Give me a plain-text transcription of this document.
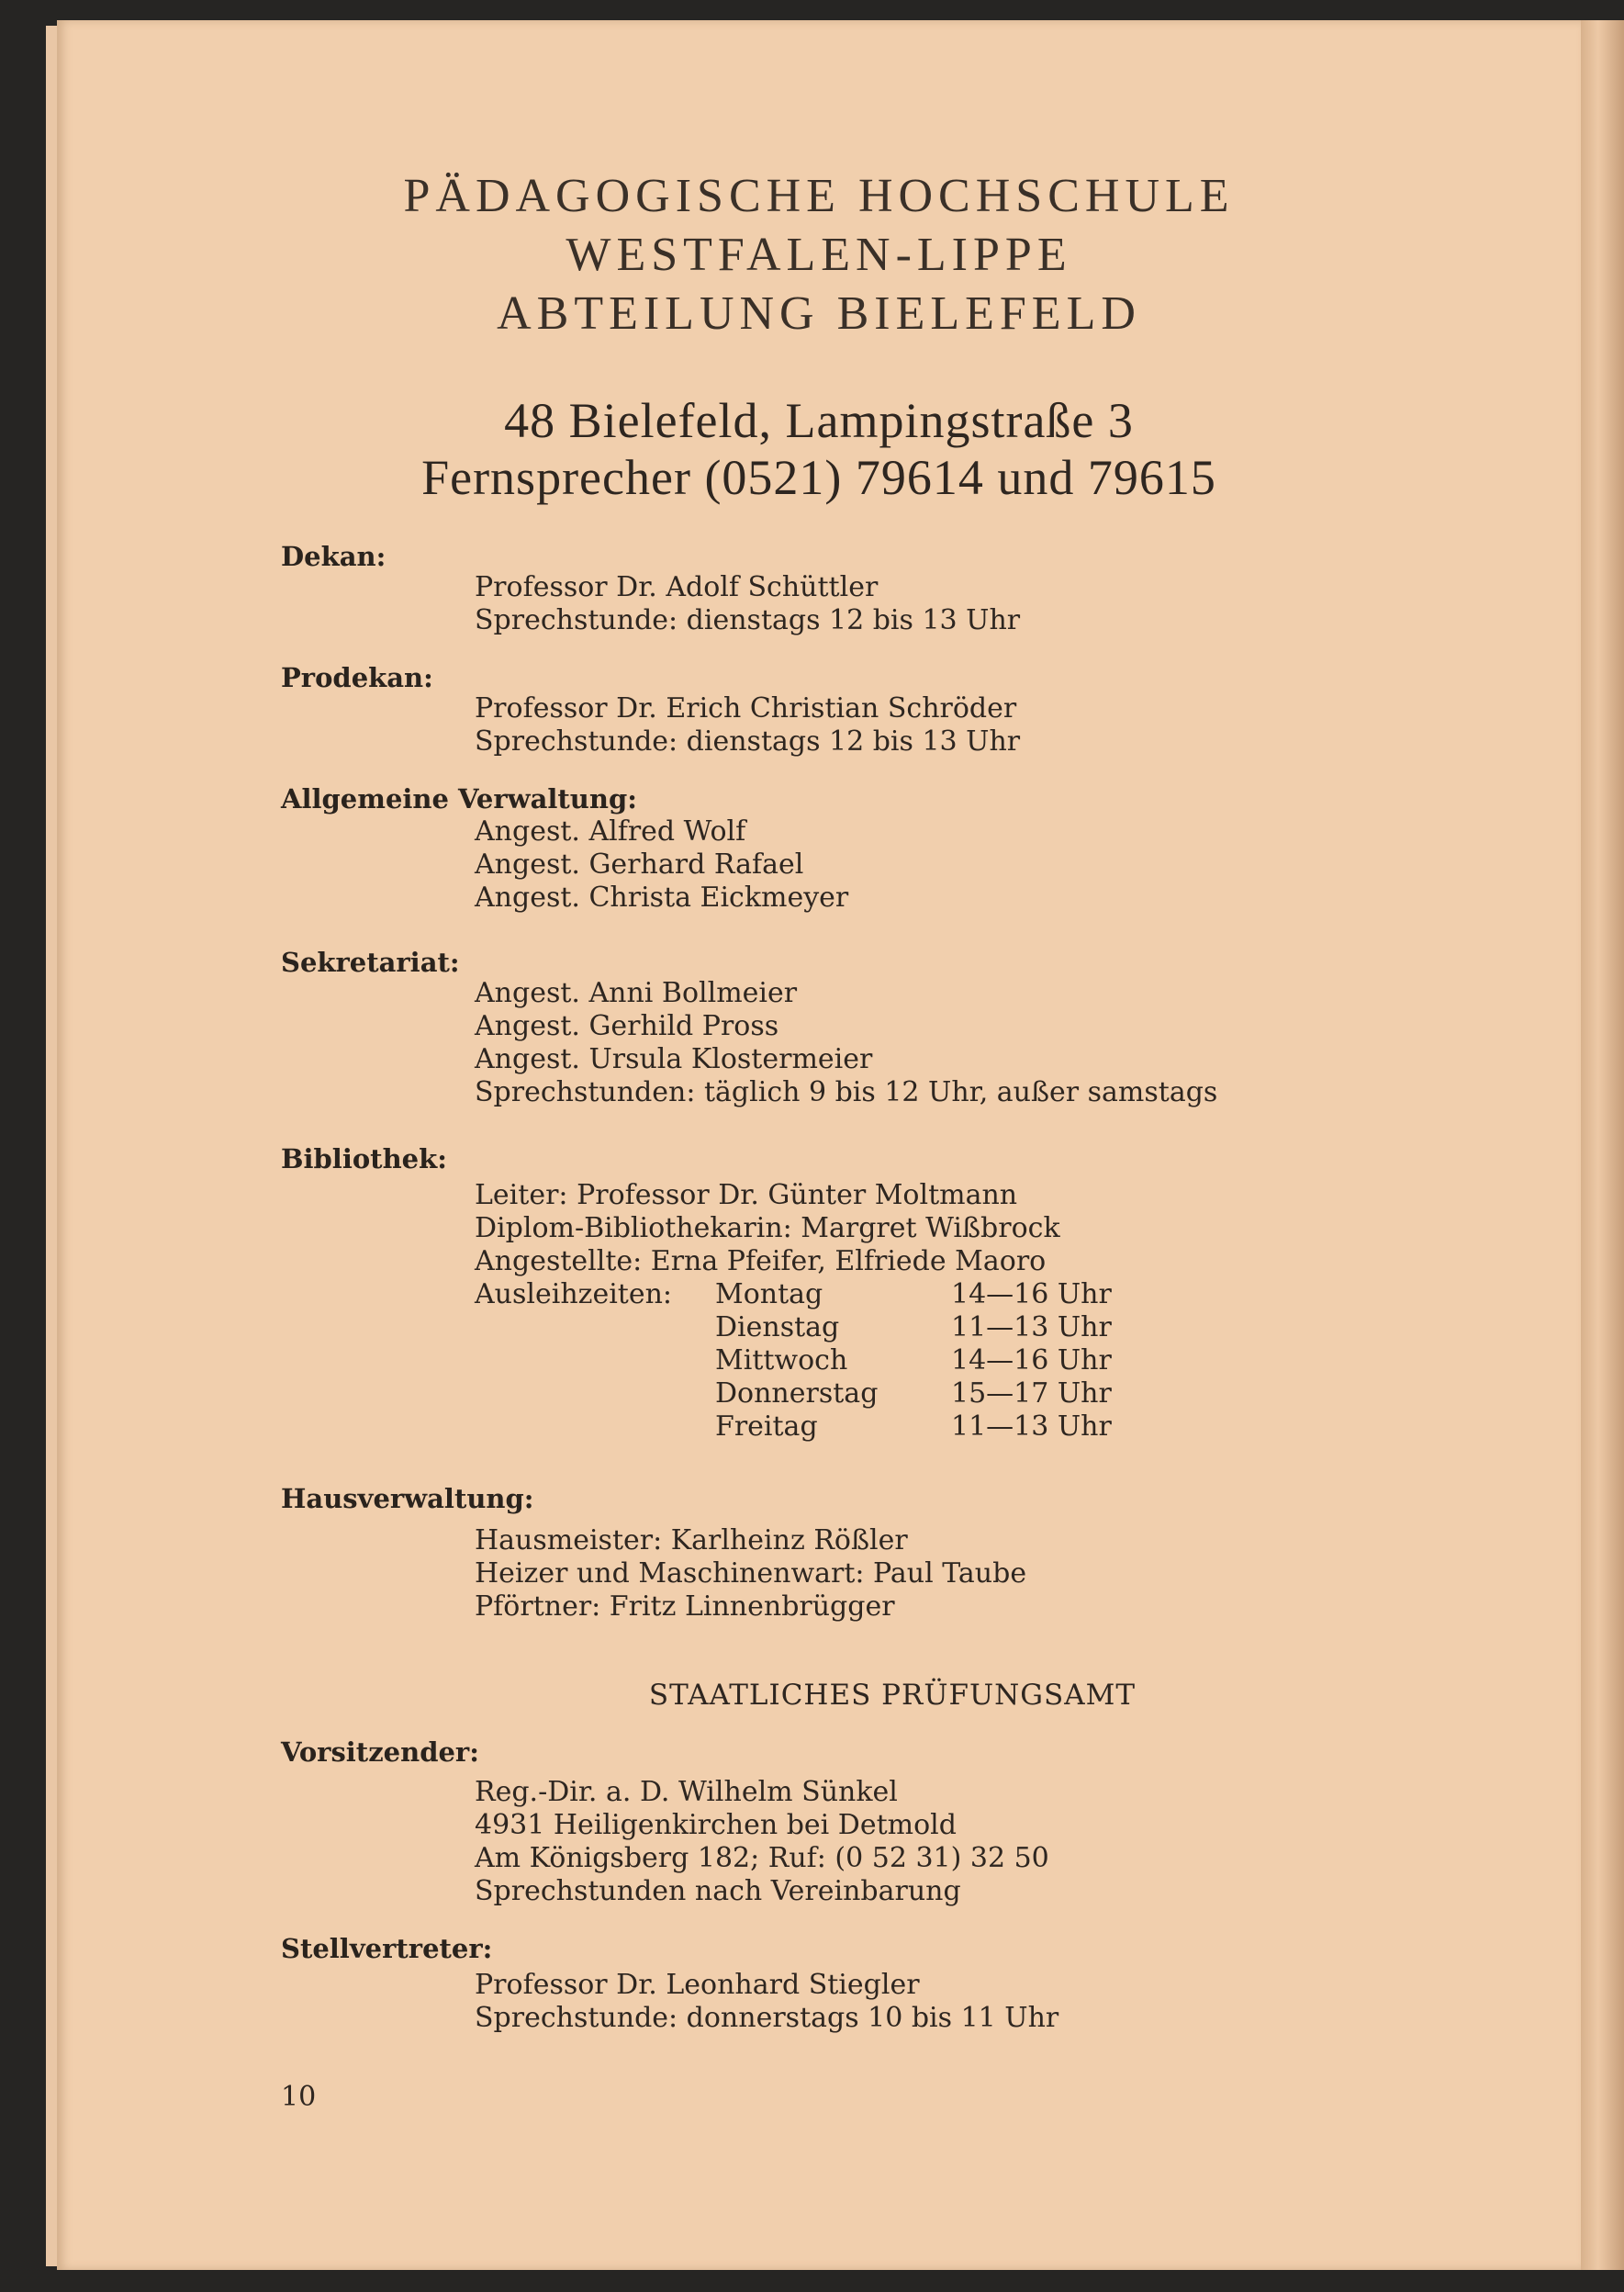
PÄDAGOGISCHE HOCHSCHULE
WESTFALEN-LIPPE
ABTEILUNG BIELEFELD
48 Bielefeld, Lampingstraße 3
Fernsprecher (0521) 79614 und 79615
Dekan:
Professor Dr. Adolf Schüttler
Sprechstunde: dienstags 12 bis 13 Uhr
Prodekan:
Professor Dr. Erich Christian Schröder
Sprechstunde: dienstags 12 bis 13 Uhr
Allgemeine Verwaltung:
Angest. Alfred Wolf
Angest. Gerhard Rafael
Angest. Christa Eickmeyer
Sekretariat:
Angest. Anni Bollmeier
Angest. Gerhild Pross
Angest. Ursula Klostermeier
Sprechstunden: täglich 9 bis 12 Uhr, außer samstags
Bibliothek:
Leiter: Professor Dr. Günter Moltmann
Diplom-Bibliothekarin: Margret Wißbrock
Angestellte: Erna Pfeifer, Elfriede Maoro
Ausleihzeiten:	Montag	14—16 Uhr
Dienstag	11—13 Uhr
Mittwoch	14—16 Uhr
Donnerstag	15—17 Uhr
Freitag	11—13 Uhr
Hausverwaltung:
Hausmeister: Karlheinz Rößler
Heizer und Maschinenwart: Paul Taube
Pförtner: Fritz Linnenbrügger
STAATLICHES PRÜFUNGSAMT
Vorsitzender:
Reg.-Dir. a. D. Wilhelm Sünkel
4931 Heiligenkirchen bei Detmold
Am Königsberg 182; Ruf: (0 52 31) 32 50
Sprechstunden nach Vereinbarung
Stellvertreter:
Professor Dr. Leonhard Stiegler
Sprechstunde: donnerstags 10 bis 11 Uhr
10
